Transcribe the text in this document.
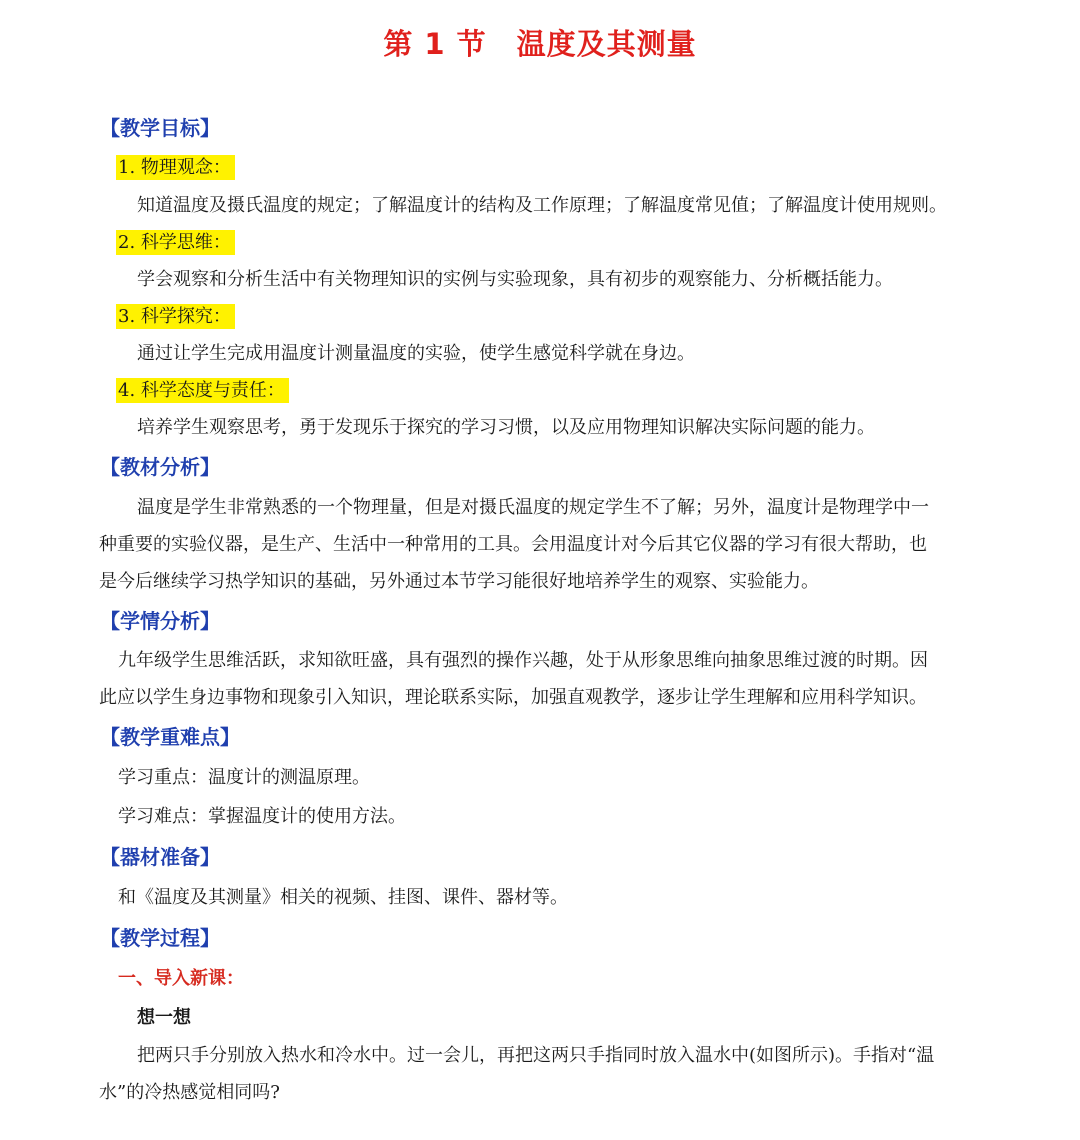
第 1 节　温度及其测量
【教学目标】
1. 物理观念：
知道温度及摄氏温度的规定；了解温度计的结构及工作原理；了解温度常见值；了解温度计使用规则。
2. 科学思维：
学会观察和分析生活中有关物理知识的实例与实验现象，具有初步的观察能力、分析概括能力。
3. 科学探究：
通过让学生完成用温度计测量温度的实验，使学生感觉科学就在身边。
4. 科学态度与责任：
培养学生观察思考，勇于发现乐于探究的学习习惯，以及应用物理知识解决实际问题的能力。
【教材分析】
温度是学生非常熟悉的一个物理量，但是对摄氏温度的规定学生不了解；另外，温度计是物理学中一
种重要的实验仪器，是生产、生活中一种常用的工具。会用温度计对今后其它仪器的学习有很大帮助，也
是今后继续学习热学知识的基础，另外通过本节学习能很好地培养学生的观察、实验能力。
【学情分析】
九年级学生思维活跃，求知欲旺盛，具有强烈的操作兴趣，处于从形象思维向抽象思维过渡的时期。因
此应以学生身边事物和现象引入知识，理论联系实际，加强直观教学，逐步让学生理解和应用科学知识。
【教学重难点】
学习重点：温度计的测温原理。
学习难点：掌握温度计的使用方法。
【器材准备】
和《温度及其测量》相关的视频、挂图、课件、器材等。
【教学过程】
一、导入新课：
想一想
把两只手分别放入热水和冷水中。过一会儿，再把这两只手指同时放入温水中(如图所示)。手指对“温
水”的冷热感觉相同吗?
